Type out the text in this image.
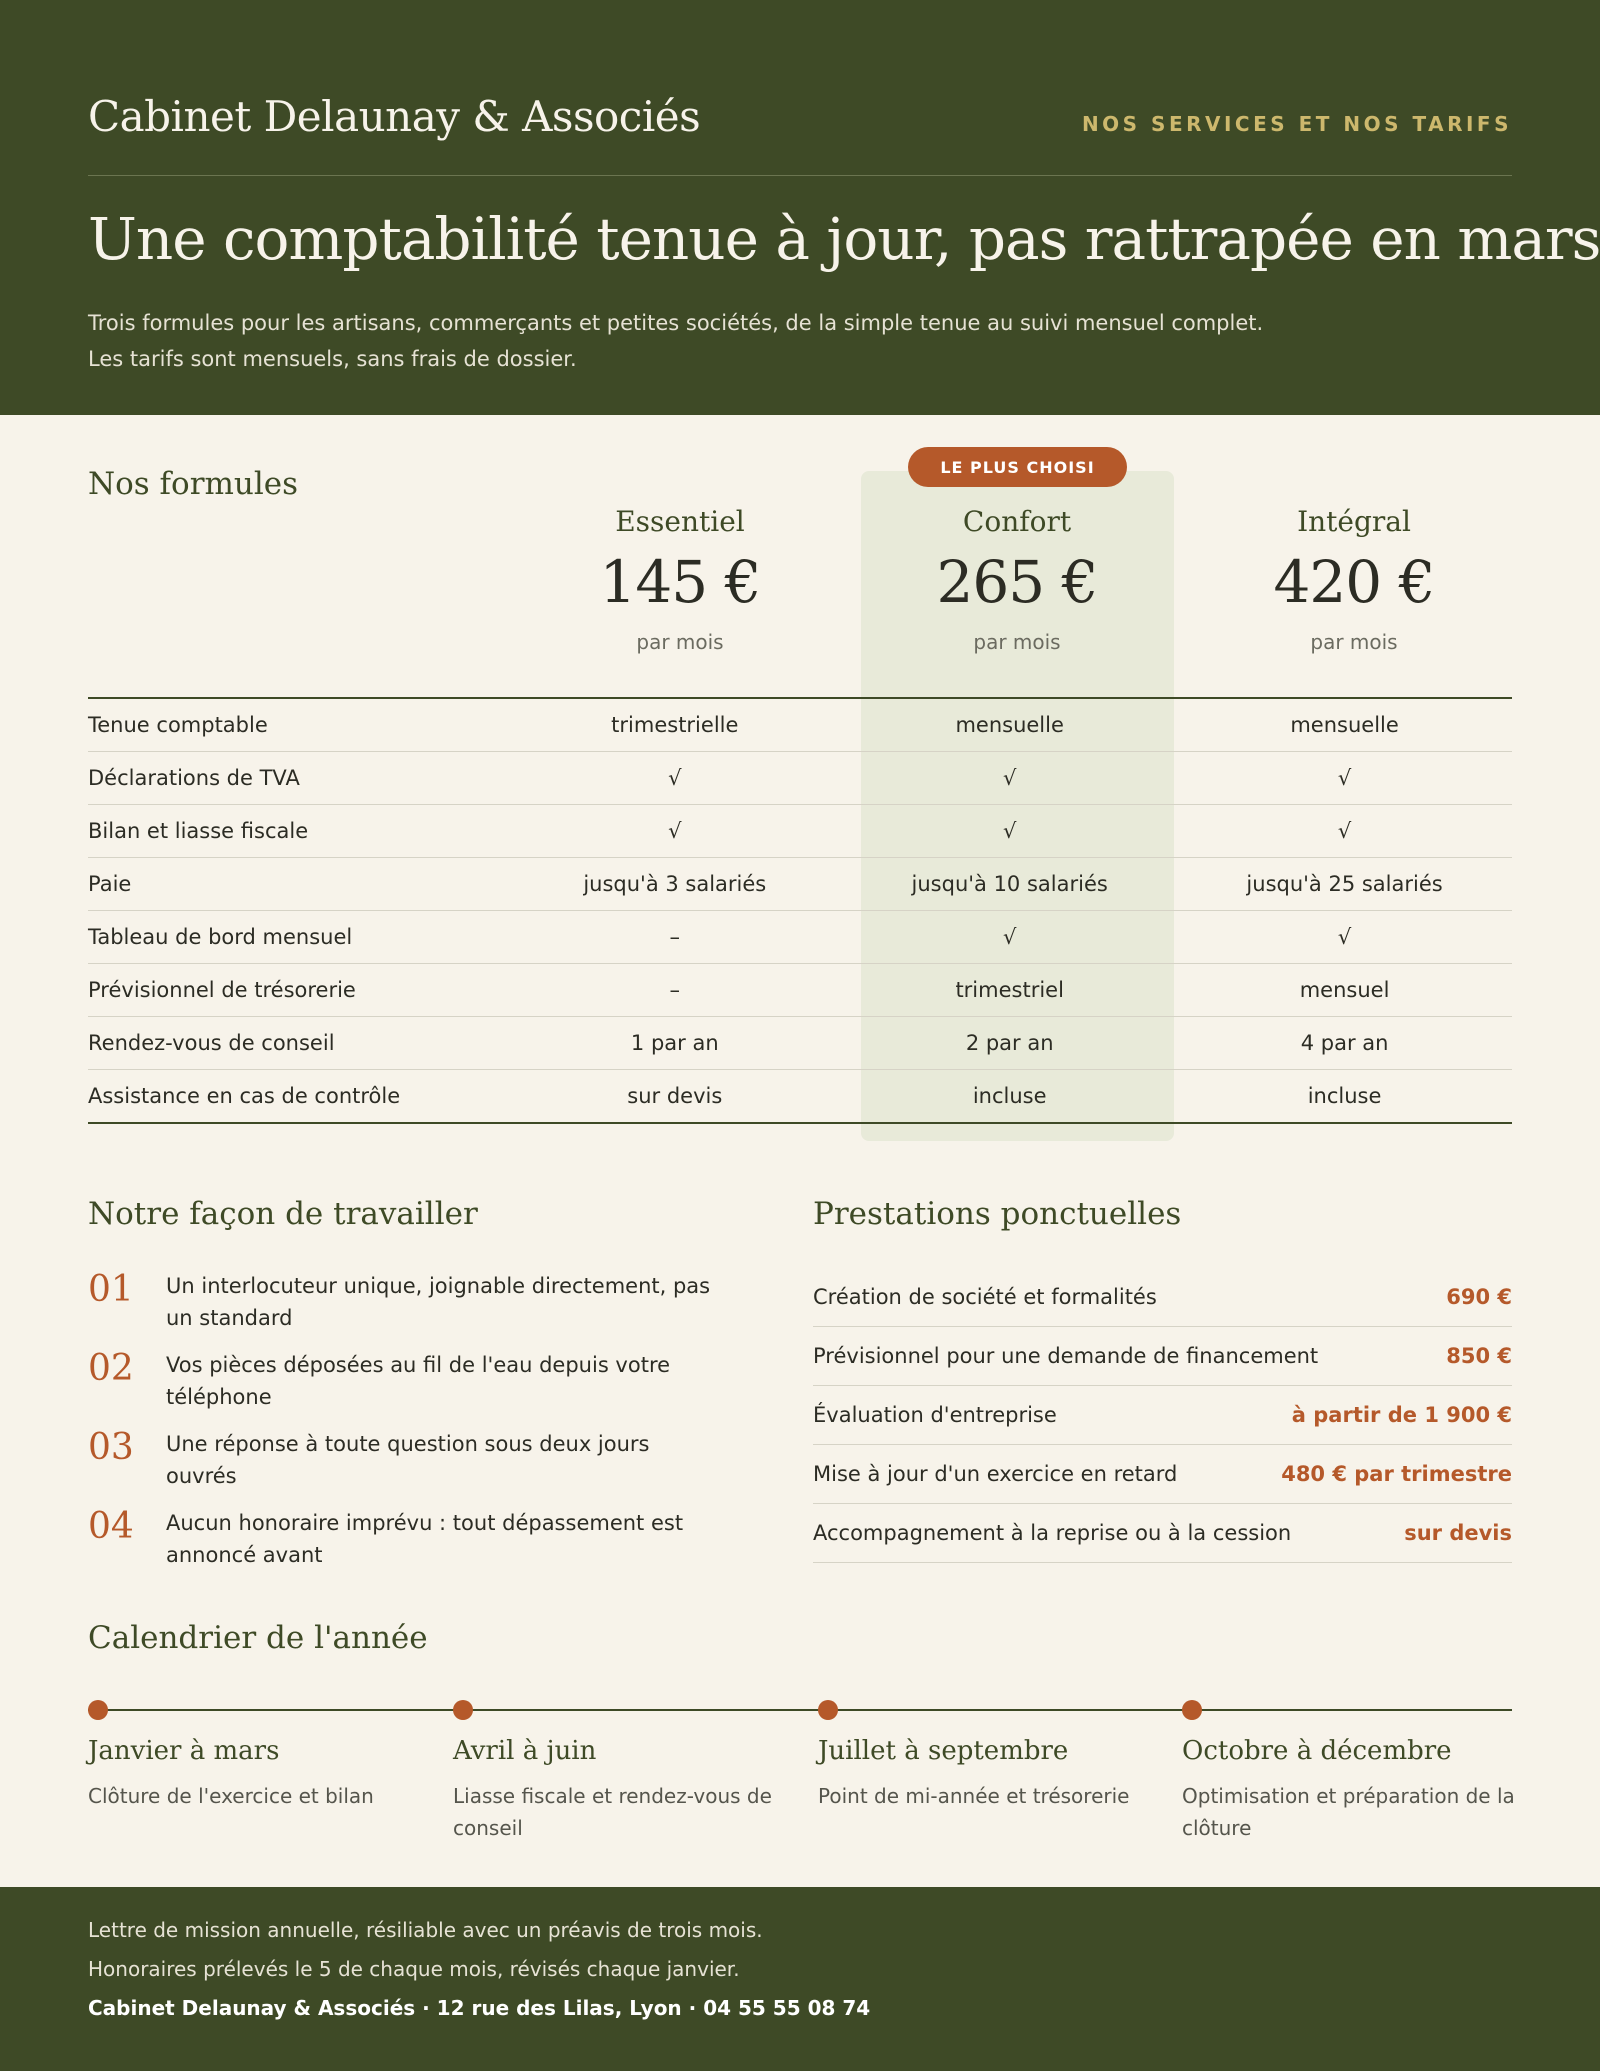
Cabinet Delaunay & Associés	NOS SERVICES ET NOS TARIFS
Une comptabilité tenue à jour, pas rattrapée en mars
Trois formules pour les artisans, commerçants et petites sociétés, de la simple tenue au suivi mensuel complet.
Les tarifs sont mensuels, sans frais de dossier.
Nos formules	LE PLUS CHOISI
Essentiel
145 €
par mois
Confort
265 €
par mois
Intégral
420 €
par mois
Tenue comptable	trimestrielle	mensuelle	mensuelle
Déclarations de TVA	√	√	√
Bilan et liasse fiscale	√	√	√
Paie	jusqu'à 3 salariés	jusqu'à 10 salariés	jusqu'à 25 salariés
Tableau de bord mensuel	–	√	√
Prévisionnel de trésorerie	–	trimestriel	mensuel
Rendez-vous de conseil	1 par an	2 par an	4 par an
Assistance en cas de contrôle	sur devis	incluse	incluse
Notre façon de travailler
01	Un interlocuteur unique, joignable directement, pas un standard
02	Vos pièces déposées au fil de l'eau depuis votre téléphone
03	Une réponse à toute question sous deux jours ouvrés
04	Aucun honoraire imprévu : tout dépassement est annoncé avant
Prestations ponctuelles
Création de société et formalités	690 €
Prévisionnel pour une demande de financement	850 €
Évaluation d'entreprise	à partir de 1 900 €
Mise à jour d'un exercice en retard	480 € par trimestre
Accompagnement à la reprise ou à la cession	sur devis
Calendrier de l'année
Janvier à mars
Clôture de l'exercice et bilan
Avril à juin
Liasse fiscale et rendez-vous de conseil
Juillet à septembre
Point de mi-année et trésorerie
Octobre à décembre
Optimisation et préparation de la clôture
Lettre de mission annuelle, résiliable avec un préavis de trois mois.
Honoraires prélevés le 5 de chaque mois, révisés chaque janvier.
Cabinet Delaunay & Associés · 12 rue des Lilas, Lyon · 04 55 55 08 74
